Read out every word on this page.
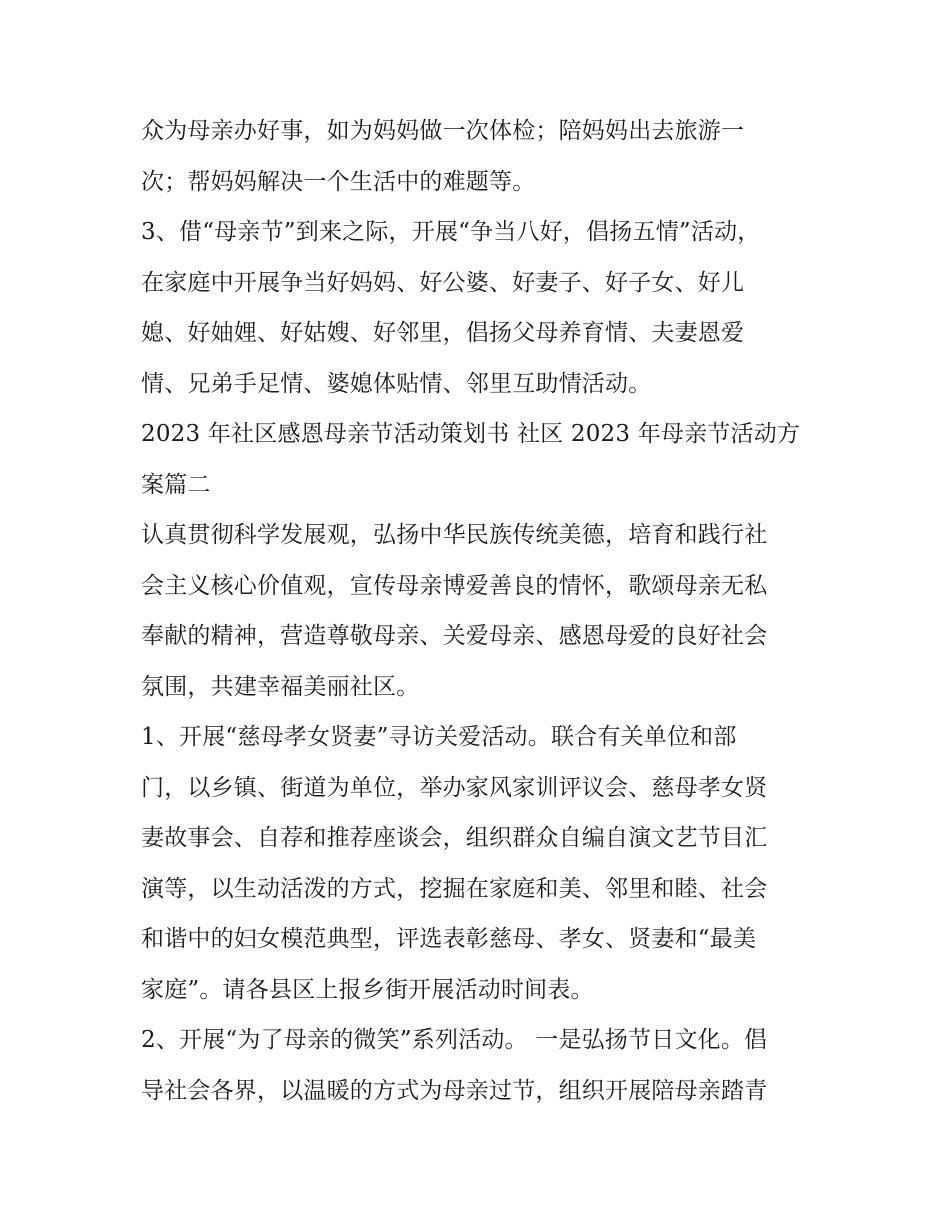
众为母亲办好事，如为妈妈做一次体检；陪妈妈出去旅游一
次；帮妈妈解决一个生活中的难题等。
3、借“母亲节”到来之际，开展“争当八好，倡扬五情”活动，
在家庭中开展争当好妈妈、好公婆、好妻子、好子女、好儿
媳、好妯娌、好姑嫂、好邻里，倡扬父母养育情、夫妻恩爱
情、兄弟手足情、婆媳体贴情、邻里互助情活动。
2023 年社区感恩母亲节活动策划书 社区 2023 年母亲节活动方
案篇二
认真贯彻科学发展观，弘扬中华民族传统美德，培育和践行社
会主义核心价值观，宣传母亲博爱善良的情怀，歌颂母亲无私
奉献的精神，营造尊敬母亲、关爱母亲、感恩母爱的良好社会
氛围，共建幸福美丽社区。
1、开展“慈母孝女贤妻”寻访关爱活动。联合有关单位和部
门，以乡镇、街道为单位，举办家风家训评议会、慈母孝女贤
妻故事会、自荐和推荐座谈会，组织群众自编自演文艺节目汇
演等，以生动活泼的方式，挖掘在家庭和美、邻里和睦、社会
和谐中的妇女模范典型，评选表彰慈母、孝女、贤妻和“最美
家庭”。请各县区上报乡街开展活动时间表。
2、开展“为了母亲的微笑”系列活动。 一是弘扬节日文化。倡
导社会各界，以温暖的方式为母亲过节，组织开展陪母亲踏青
